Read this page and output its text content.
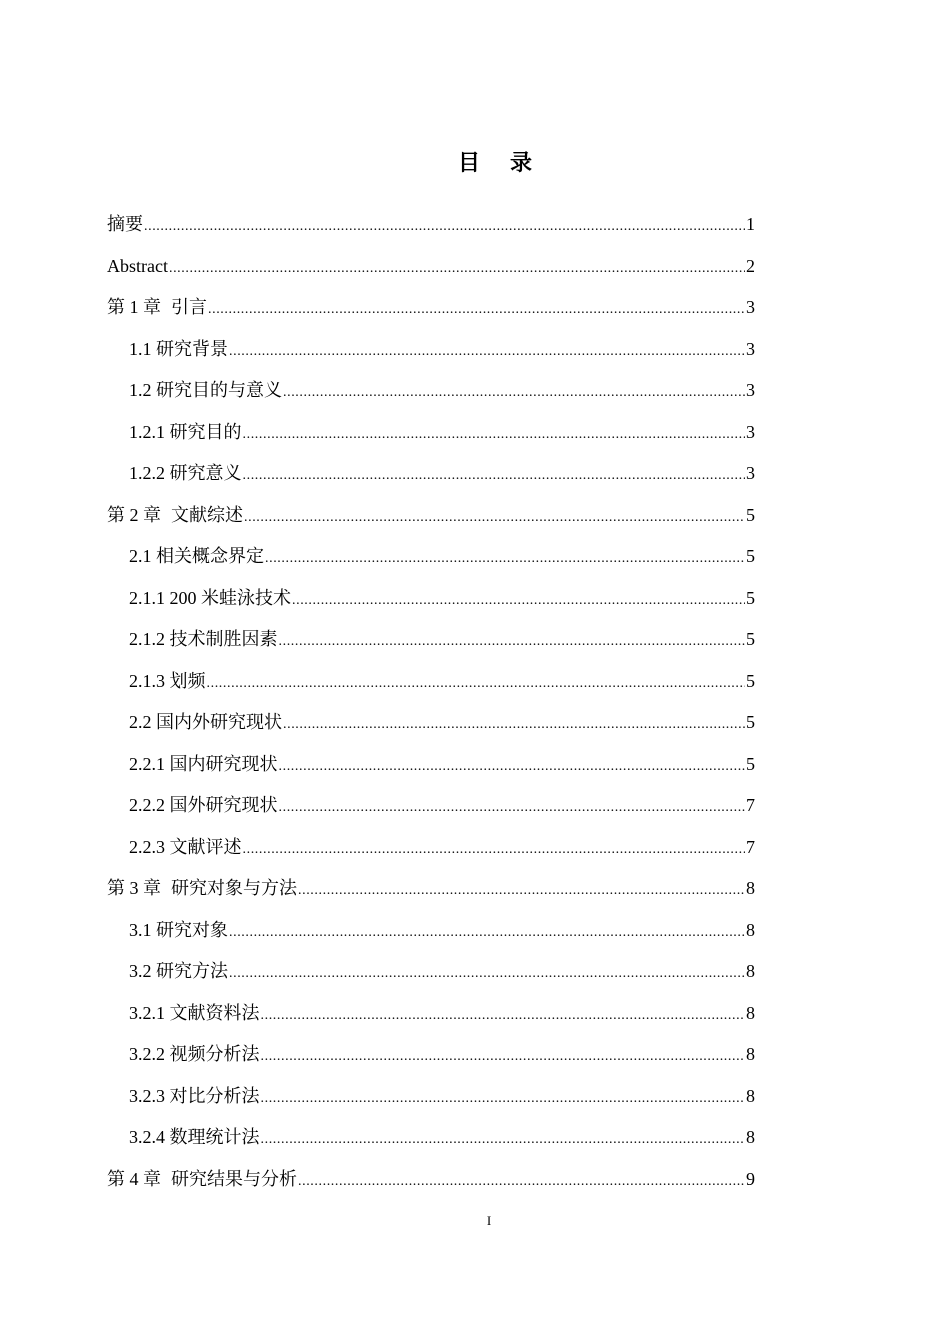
目 录
摘要 .....	1
Abstract .....	2
第 1 章 引言 .....	3
1.1 研究背景 .....	3
1.2 研究目的与意义 .....	3
1.2.1 研究目的 .....	3
1.2.2 研究意义 .....	3
第 2 章 文献综述 .....	5
2.1 相关概念界定 .....	5
2.1.1 200 米蛙泳技术 .....	5
2.1.2 技术制胜因素 .....	5
2.1.3 划频 .....	5
2.2 国内外研究现状 .....	5
2.2.1 国内研究现状 .....	5
2.2.2 国外研究现状 .....	7
2.2.3 文献评述 .....	7
第 3 章 研究对象与方法 .....	8
3.1 研究对象 .....	8
3.2 研究方法 .....	8
3.2.1 文献资料法 .....	8
3.2.2 视频分析法 .....	8
3.2.3 对比分析法 .....	8
3.2.4 数理统计法 .....	8
第 4 章 研究结果与分析 .....	9
I
